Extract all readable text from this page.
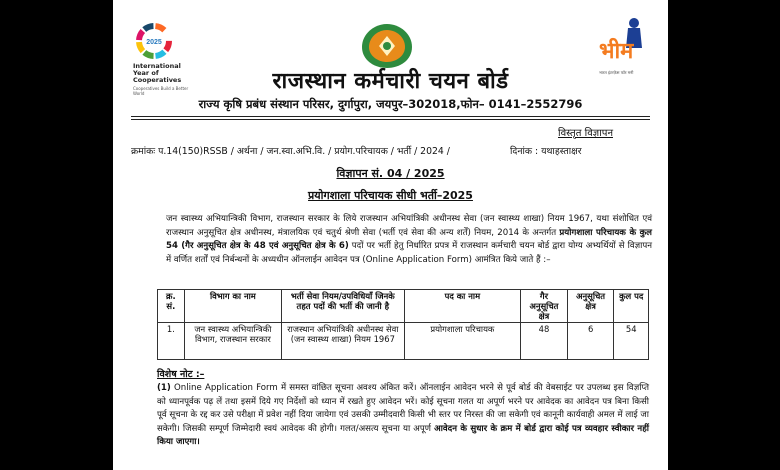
2025
International Year of Cooperatives
Cooperatives Build a Better World
भीम
भारत इंटरफ़ेस फॉर मनी
राजस्थान कर्मचारी चयन बोर्ड
राज्य कृषि प्रबंध संस्थान परिसर, दुर्गापुरा, जयपुर–302018,फोन– 0141–2552796
विस्तृत विज्ञापन
क्रमांकः प.14(150)RSSB / अर्थना / जन.स्वा.अभि.वि. / प्रयोग.परिचायक / भर्ती / 2024 /	दिनांक : यथाहस्ताक्षर
विज्ञापन सं. 04 / 2025
प्रयोगशाला परिचायक सीधी भर्ती–2025
जन स्वास्थ्य अभियान्त्रिकी विभाग, राजस्थान सरकार के लिये राजस्थान अभियांत्रिकी अधीनस्थ सेवा (जन स्वास्थ्य शाखा) नियम 1967, यथा संशोधित एवं राजस्थान अनुसूचित क्षेत्र अधीनस्थ, मंत्रालयिक एवं चतुर्थ श्रेणी सेवा (भर्ती एवं सेवा की अन्य शर्तें) नियम, 2014 के अन्तर्गत प्रयोगशाला परिचायक के कुल 54 (गैर अनुसूचित क्षेत्र के 48 एवं अनुसूचित क्षेत्र के 6) पदों पर भर्ती हेतु निर्धारित प्रपत्र में राजस्थान कर्मचारी चयन बोर्ड द्वारा योग्य अभ्यर्थियों से विज्ञापन में वर्णित शर्तों एवं निर्बन्धनों के अध्यधीन ऑनलाईन आवेदन पत्र (Online Application Form) आमंत्रित किये जाते हैं :–
क्र. सं.	विभाग का नाम	भर्ती सेवा नियम/उपविधियाँ जिनके तहत पदों की भर्ती की जानी है	पद का नाम	गैर अनुसूचित क्षेत्र	अनुसूचित क्षेत्र	कुल पद
1.	जन स्वास्थ्य अभियान्त्रिकी विभाग, राजस्थान सरकार	राजस्थान अभियांत्रिकी अधीनस्थ सेवा (जन स्वास्थ्य शाखा) नियम 1967	प्रयोगशाला परिचायक	48	6	54
विशेष नोट :–
(1) Online Application Form में समस्त वांछित सूचना अवश्य अंकित करें। ऑनलाईन आवेदन भरने से पूर्व बोर्ड की वेबसाईट पर उपलब्ध इस विज्ञप्ति को ध्यानपूर्वक पढ़ लें तथा इसमें दिये गए निर्देशों को ध्यान में रखते हुए आवेदन भरें। कोई सूचना गलत या अपूर्ण भरने पर आवेदक का आवेदन पत्र बिना किसी पूर्व सूचना के रद्द कर उसे परीक्षा में प्रवेश नहीं दिया जायेगा एवं उसकी उम्मीदवारी किसी भी स्तर पर निरस्त की जा सकेगी एवं कानूनी कार्यवाही अमल में लाई जा सकेगी। जिसकी सम्पूर्ण जिम्मेदारी स्वयं आवेदक की होगी। गलत/असत्य सूचना या अपूर्ण आवेदन के सुधार के क्रम में बोर्ड द्वारा कोई पत्र व्यवहार स्वीकार नहीं किया जाएगा।
